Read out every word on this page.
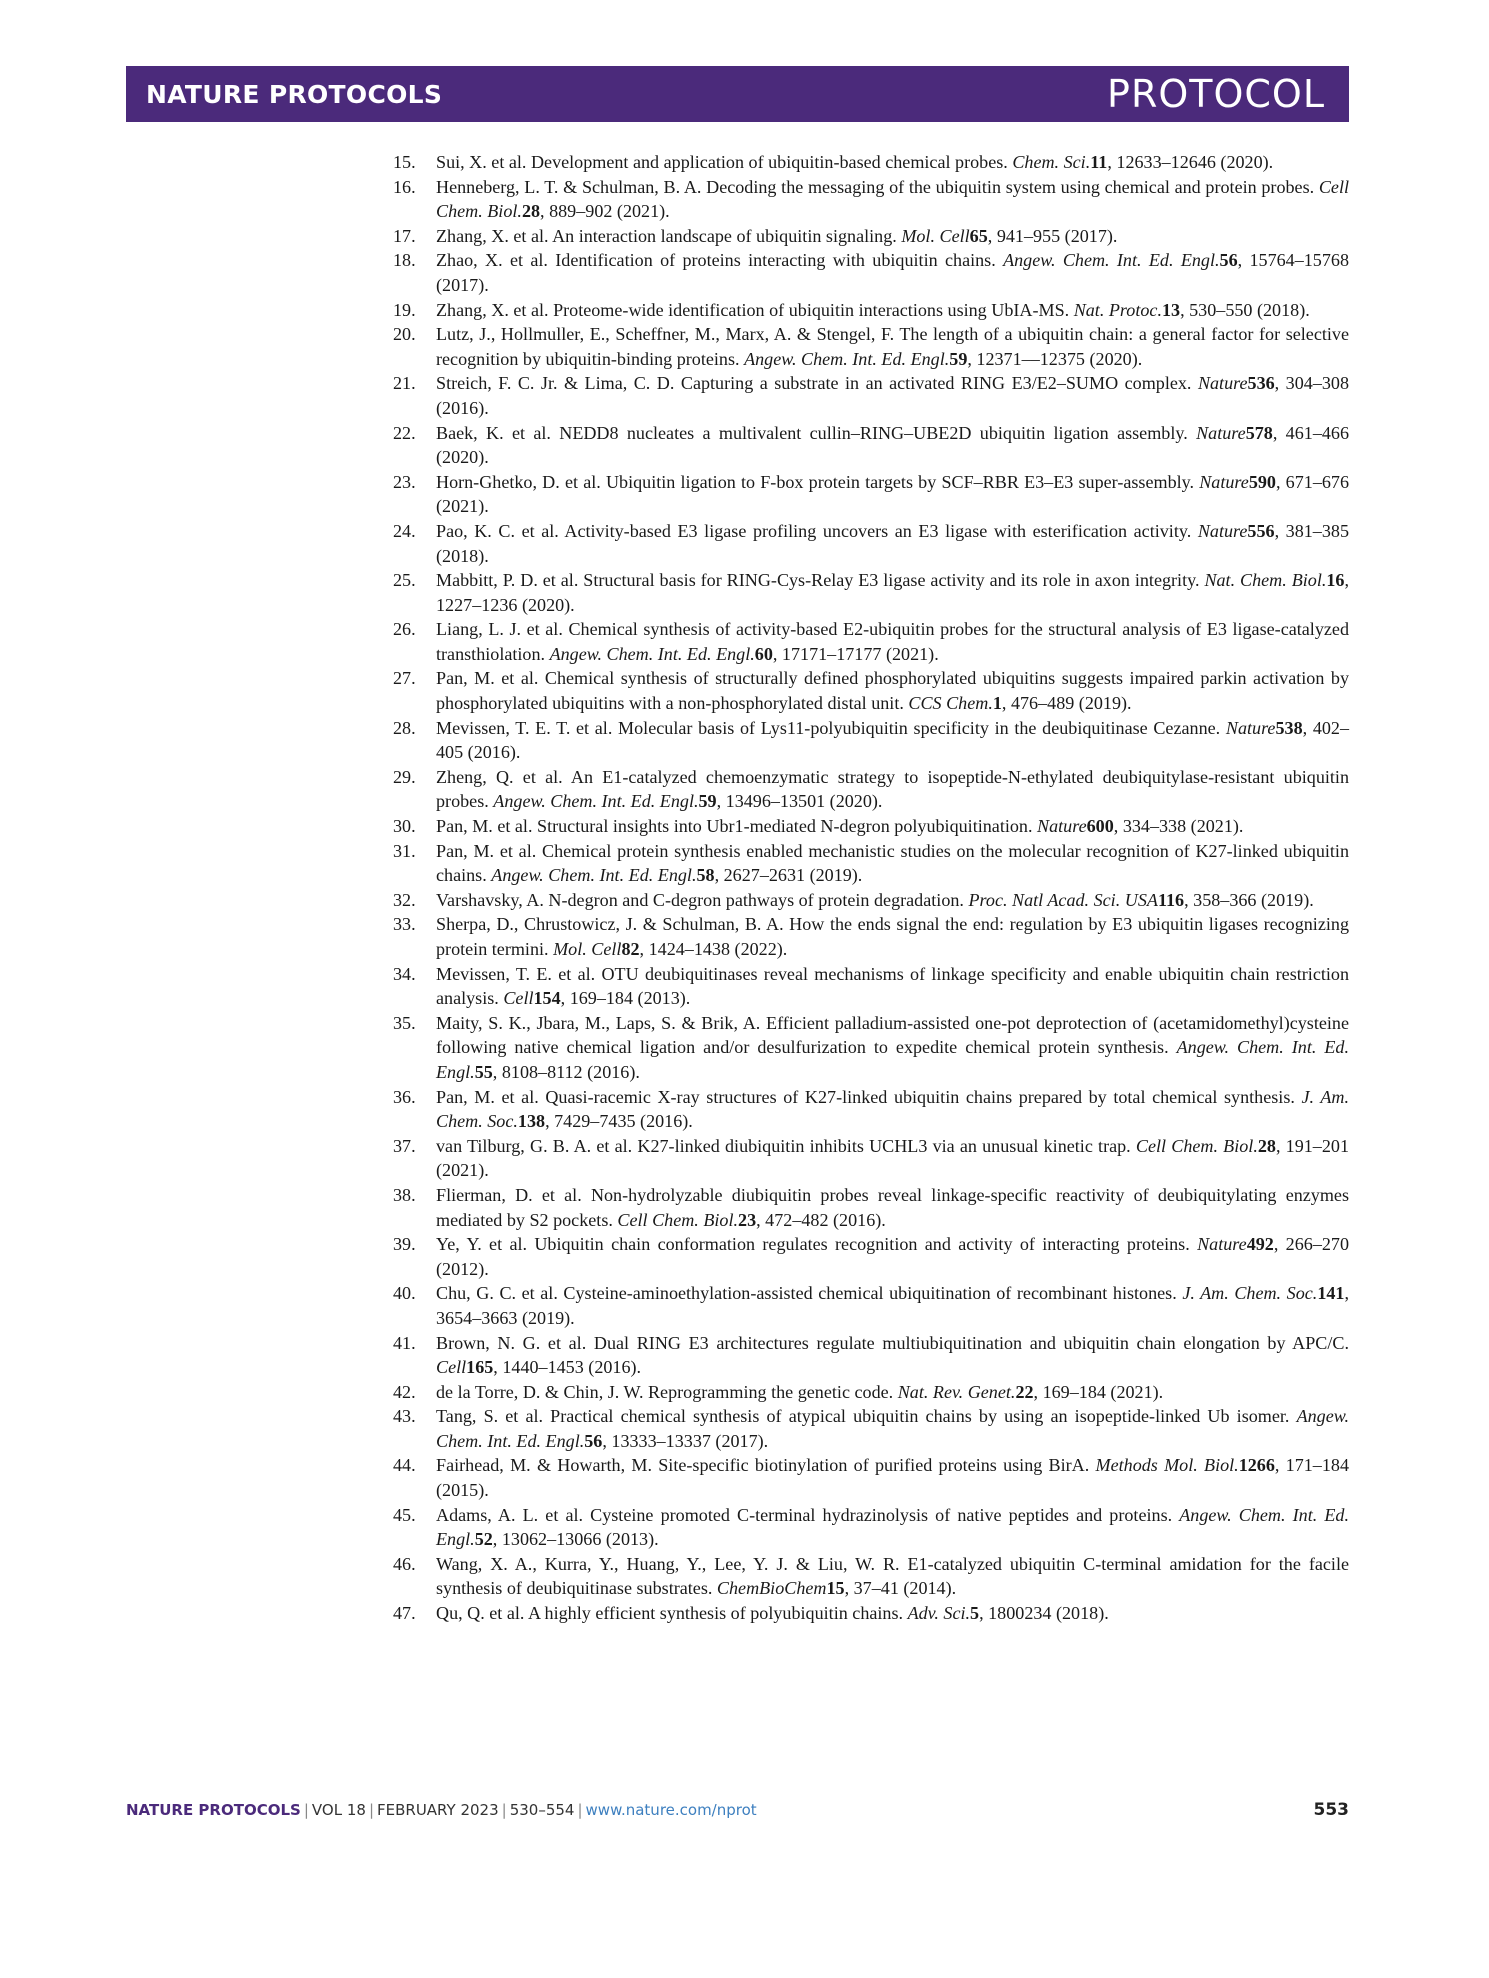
NATURE PROTOCOLS	PROTOCOL
15.	Sui, X. et al. Development and application of ubiquitin-based chemical probes. Chem. Sci.11, 12633–12646 (2020).
16.	Henneberg, L. T. & Schulman, B. A. Decoding the messaging of the ubiquitin system using chemical and protein probes. Cell Chem. Biol.28, 889–902 (2021).
17.	Zhang, X. et al. An interaction landscape of ubiquitin signaling. Mol. Cell65, 941–955 (2017).
18.	Zhao, X. et al. Identification of proteins interacting with ubiquitin chains. Angew. Chem. Int. Ed. Engl.56, 15764–15768 (2017).
19.	Zhang, X. et al. Proteome-wide identification of ubiquitin interactions using UbIA-MS. Nat. Protoc.13, 530–550 (2018).
20.	Lutz, J., Hollmuller, E., Scheffner, M., Marx, A. & Stengel, F. The length of a ubiquitin chain: a general factor for selective recognition by ubiquitin-binding proteins. Angew. Chem. Int. Ed. Engl.59, 12371––12375 (2020).
21.	Streich, F. C. Jr. & Lima, C. D. Capturing a substrate in an activated RING E3/E2–SUMO complex. Nature536, 304–308 (2016).
22.	Baek, K. et al. NEDD8 nucleates a multivalent cullin–RING–UBE2D ubiquitin ligation assembly. Nature578, 461–466 (2020).
23.	Horn-Ghetko, D. et al. Ubiquitin ligation to F-box protein targets by SCF–RBR E3–E3 super-assembly. Nature590, 671–676 (2021).
24.	Pao, K. C. et al. Activity-based E3 ligase profiling uncovers an E3 ligase with esterification activity. Nature556, 381–385 (2018).
25.	Mabbitt, P. D. et al. Structural basis for RING-Cys-Relay E3 ligase activity and its role in axon integrity. Nat. Chem. Biol.16, 1227–1236 (2020).
26.	Liang, L. J. et al. Chemical synthesis of activity-based E2-ubiquitin probes for the structural analysis of E3 ligase-catalyzed transthiolation. Angew. Chem. Int. Ed. Engl.60, 17171–17177 (2021).
27.	Pan, M. et al. Chemical synthesis of structurally defined phosphorylated ubiquitins suggests impaired parkin activation by phosphorylated ubiquitins with a non-phosphorylated distal unit. CCS Chem.1, 476–489 (2019).
28.	Mevissen, T. E. T. et al. Molecular basis of Lys11-polyubiquitin specificity in the deubiquitinase Cezanne. Nature538, 402–405 (2016).
29.	Zheng, Q. et al. An E1-catalyzed chemoenzymatic strategy to isopeptide-N-ethylated deubiquitylase-resistant ubiquitin probes. Angew. Chem. Int. Ed. Engl.59, 13496–13501 (2020).
30.	Pan, M. et al. Structural insights into Ubr1-mediated N-degron polyubiquitination. Nature600, 334–338 (2021).
31.	Pan, M. et al. Chemical protein synthesis enabled mechanistic studies on the molecular recognition of K27-linked ubiquitin chains. Angew. Chem. Int. Ed. Engl.58, 2627–2631 (2019).
32.	Varshavsky, A. N-degron and C-degron pathways of protein degradation. Proc. Natl Acad. Sci. USA116, 358–366 (2019).
33.	Sherpa, D., Chrustowicz, J. & Schulman, B. A. How the ends signal the end: regulation by E3 ubiquitin ligases recognizing protein termini. Mol. Cell82, 1424–1438 (2022).
34.	Mevissen, T. E. et al. OTU deubiquitinases reveal mechanisms of linkage specificity and enable ubiquitin chain restriction analysis. Cell154, 169–184 (2013).
35.	Maity, S. K., Jbara, M., Laps, S. & Brik, A. Efficient palladium-assisted one-pot deprotection of (acetamidomethyl)cysteine following native chemical ligation and/or desulfurization to expedite chemical protein synthesis. Angew. Chem. Int. Ed. Engl.55, 8108–8112 (2016).
36.	Pan, M. et al. Quasi-racemic X-ray structures of K27-linked ubiquitin chains prepared by total chemical synthesis. J. Am. Chem. Soc.138, 7429–7435 (2016).
37.	van Tilburg, G. B. A. et al. K27-linked diubiquitin inhibits UCHL3 via an unusual kinetic trap. Cell Chem. Biol.28, 191–201 (2021).
38.	Flierman, D. et al. Non-hydrolyzable diubiquitin probes reveal linkage-specific reactivity of deubiquitylating enzymes mediated by S2 pockets. Cell Chem. Biol.23, 472–482 (2016).
39.	Ye, Y. et al. Ubiquitin chain conformation regulates recognition and activity of interacting proteins. Nature492, 266–270 (2012).
40.	Chu, G. C. et al. Cysteine-aminoethylation-assisted chemical ubiquitination of recombinant histones. J. Am. Chem. Soc.141, 3654–3663 (2019).
41.	Brown, N. G. et al. Dual RING E3 architectures regulate multiubiquitination and ubiquitin chain elongation by APC/C. Cell165, 1440–1453 (2016).
42.	de la Torre, D. & Chin, J. W. Reprogramming the genetic code. Nat. Rev. Genet.22, 169–184 (2021).
43.	Tang, S. et al. Practical chemical synthesis of atypical ubiquitin chains by using an isopeptide-linked Ub isomer. Angew. Chem. Int. Ed. Engl.56, 13333–13337 (2017).
44.	Fairhead, M. & Howarth, M. Site-specific biotinylation of purified proteins using BirA. Methods Mol. Biol.1266, 171–184 (2015).
45.	Adams, A. L. et al. Cysteine promoted C-terminal hydrazinolysis of native peptides and proteins. Angew. Chem. Int. Ed. Engl.52, 13062–13066 (2013).
46.	Wang, X. A., Kurra, Y., Huang, Y., Lee, Y. J. & Liu, W. R. E1-catalyzed ubiquitin C-terminal amidation for the facile synthesis of deubiquitinase substrates. ChemBioChem15, 37–41 (2014).
47.	Qu, Q. et al. A highly efficient synthesis of polyubiquitin chains. Adv. Sci.5, 1800234 (2018).
NATURE PROTOCOLS | VOL 18 | FEBRUARY 2023 | 530–554 | www.nature.com/nprot	553
